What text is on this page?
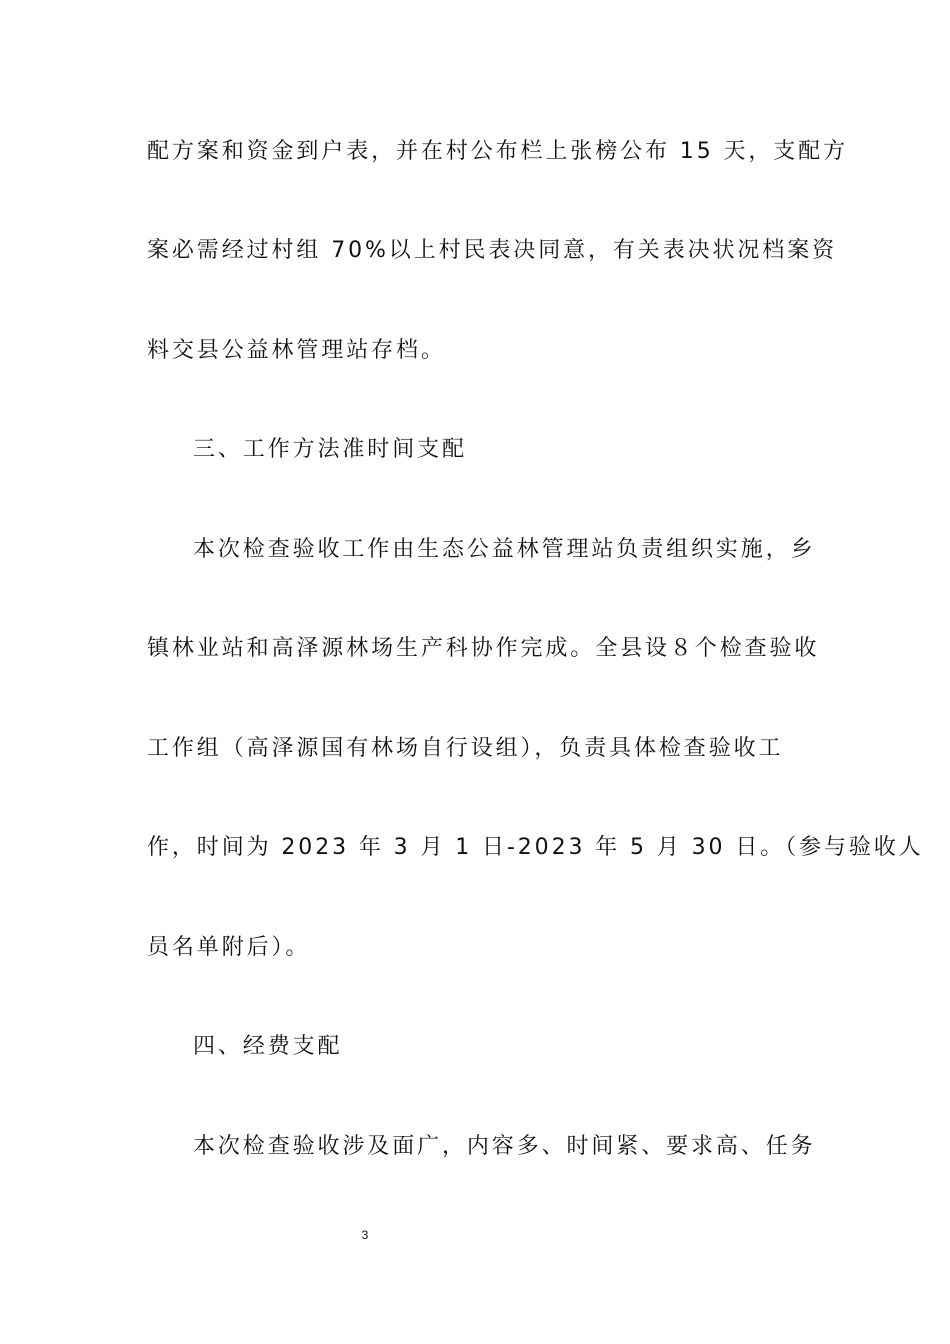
配方案和资金到户表，并在村公布栏上张榜公布 15 天，支配方
案必需经过村组 70%以上村民表决同意，有关表决状况档案资
料交县公益林管理站存档。
三、工作方法准时间支配
本次检查验收工作由生态公益林管理站负责组织实施，乡
镇林业站和高泽源林场生产科协作完成。全县设８个检查验收
工作组（高泽源国有林场自行设组），负责具体检查验收工
作，时间为 2023 年 3 月 1 日-2023 年 5 月 30 日。（参与验收人
员名单附后）。
四、经费支配
本次检查验收涉及面广，内容多、时间紧、要求高、任务
3
